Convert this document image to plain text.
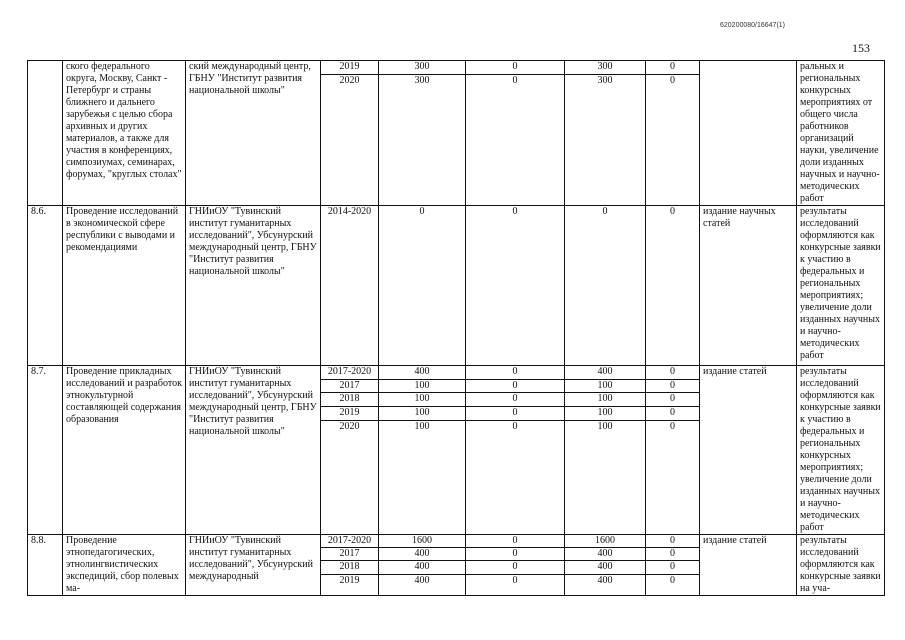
620200080/16647(1)
153
	ского федерального округа, Москву, Санкт - Петербург и страны ближнего и дальнего зарубежья с целью сбора архивных и других материалов, а также для участия в конференциях, симпозиумах, семинарах, форумах, "круглых столах"	ский международный центр, ГБНУ "Институт развития национальной школы"	2019	300	0	300	0		ральных и региональных конкурсных мероприятиях от общего числа работников организаций науки, увеличение доли изданных научных и научно-методических работ
			2020	300	0	300	0		
8.6.	Проведение исследований в экономической сфере республики с выводами и рекомендациями	ГНИиОУ "Тувинский институт гуманитарных исследований", Убсунурский международный центр, ГБНУ "Институт развития национальной школы"	2014-2020	0	0	0	0	издание научных статей	результаты исследований оформляются как конкурсные заявки к участию в федеральных и региональных мероприятиях; увеличение доли изданных научных и научно-методических работ
8.7.	Проведение прикладных исследований и разработок этнокультурной составляющей содержания образования	ГНИиОУ "Тувинский институт гуманитарных исследований", Убсунурский международный центр, ГБНУ "Институт развития национальной школы"	2017-2020	400	0	400	0	издание статей	результаты исследований оформляются как конкурсные заявки к участию в федеральных и региональных конкурсных мероприятиях; увеличение доли изданных научных и научно-методических работ
			2017	100	0	100	0		
			2018	100	0	100	0		
			2019	100	0	100	0		
			2020	100	0	100	0		
8.8.	Проведение этнопедагогических, этнолингвистических экспедиций, сбор полевых ма-	ГНИиОУ "Тувинский институт гуманитарных исследований", Убсунурский международный	2017-2020	1600	0	1600	0	издание статей	результаты исследований оформляются как конкурсные заявки на уча-
			2017	400	0	400	0		
			2018	400	0	400	0		
			2019	400	0	400	0		
